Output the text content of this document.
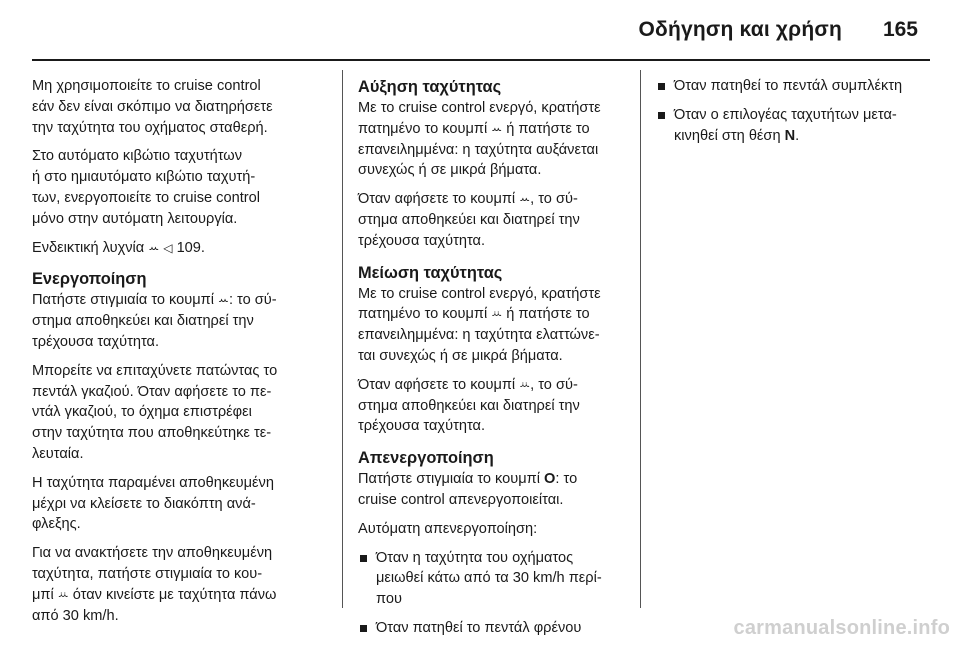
Οδήγηση και χρήση 165

Μη χρησιμοποιείτε το cruise control
εάν δεν είναι σκόπιμο να διατηρήσετε
την ταχύτητα του οχήματος σταθερή.

Στο αυτόματο κιβώτιο ταχυτήτων
ή στο ημιαυτόματο κιβώτιο ταχυτή-
των, ενεργοποιείτε το cruise control
μόνο στην αυτόματη λειτουργία.

Ενδεικτική λυχνία ꕀ ◁ 109.

Ενεργοποίηση

Πατήστε στιγμιαία το κουμπί ꕀ: το σύ-
στημα αποθηκεύει και διατηρεί την
τρέχουσα ταχύτητα.

Μπορείτε να επιταχύνετε πατώντας το
πεντάλ γκαζιού. Όταν αφήσετε το πε-
ντάλ γκαζιού, το όχημα επιστρέφει
στην ταχύτητα που αποθηκεύτηκε τε-
λευταία.

Η ταχύτητα παραμένει αποθηκευμένη
μέχρι να κλείσετε το διακόπτη ανά-
φλεξης.

Για να ανακτήσετε την αποθηκευμένη
ταχύτητα, πατήστε στιγμιαία το κου-
μπί ꕁ όταν κινείστε με ταχύτητα πάνω
από 30 km/h.

Αύξηση ταχύτητας

Με το cruise control ενεργό, κρατήστε
πατημένο το κουμπί ꕀ ή πατήστε το
επανειλημμένα: η ταχύτητα αυξάνεται
συνεχώς ή σε μικρά βήματα.

Όταν αφήσετε το κουμπί ꕀ, το σύ-
στημα αποθηκεύει και διατηρεί την
τρέχουσα ταχύτητα.

Μείωση ταχύτητας

Με το cruise control ενεργό, κρατήστε
πατημένο το κουμπί ꕁ ή πατήστε το
επανειλημμένα: η ταχύτητα ελαττώνε-
ται συνεχώς ή σε μικρά βήματα.

Όταν αφήσετε το κουμπί ꕁ, το σύ-
στημα αποθηκεύει και διατηρεί την
τρέχουσα ταχύτητα.

Απενεργοποίηση

Πατήστε στιγμιαία το κουμπί O: το
cruise control απενεργοποιείται.

Αυτόματη απενεργοποίηση:

Όταν η ταχύτητα του οχήματος
μειωθεί κάτω από τα 30 km/h περί-
που
Όταν πατηθεί το πεντάλ φρένου
Όταν πατηθεί το πεντάλ συμπλέκτη
Όταν ο επιλογέας ταχυτήτων μετα-
κινηθεί στη θέση N.
carmanualsonline.info
